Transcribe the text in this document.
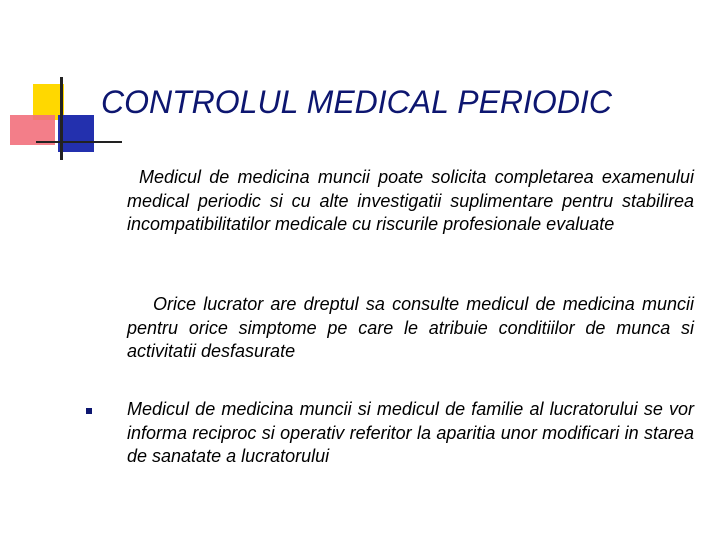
CONTROLUL MEDICAL PERIODIC
Medicul de medicina muncii poate solicita completarea examenului medical periodic si cu alte investigatii suplimentare pentru stabilirea incompatibilitatilor medicale cu riscurile profesionale evaluate
Orice lucrator are dreptul sa consulte medicul de medicina muncii pentru orice simptome pe care le atribuie conditiilor de munca si activitatii desfasurate
Medicul de medicina muncii si medicul de familie al lucratorului se vor informa reciproc si operativ referitor la aparitia unor modificari in starea de sanatate a lucratorului
